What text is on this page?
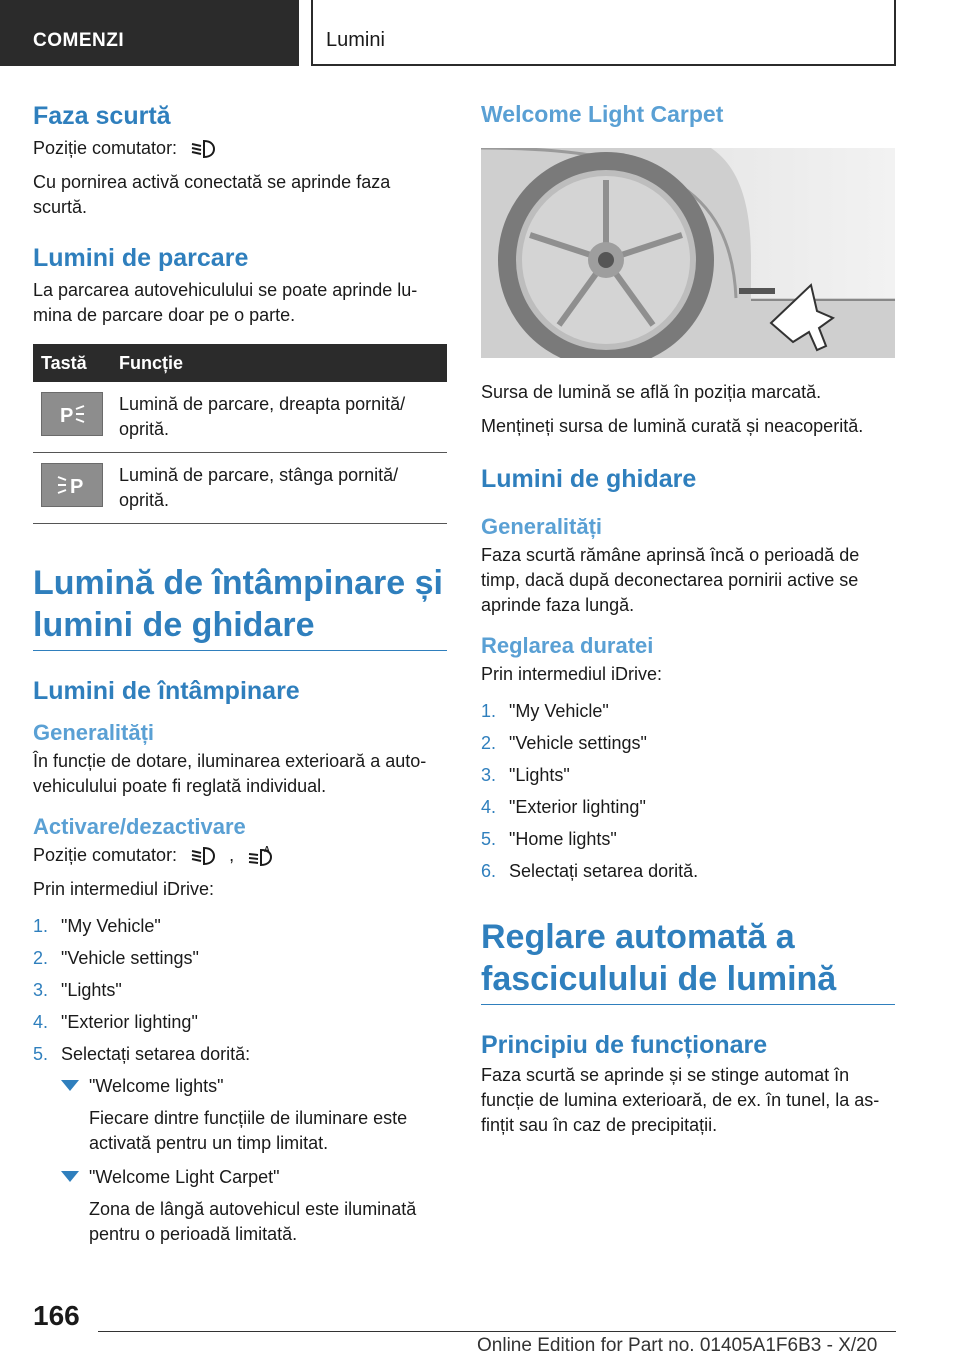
COMENZI	Lumini
Faza scurtă
Poziție comutator:
Cu pornirea activă conectată se aprinde faza scurtă.
Lumini de parcare
La parcarea autovehiculului se poate aprinde lumina de parcare doar pe o parte.
Tastă	Funcție

P	Lumină de parcare, dreapta pornită/ oprită.

P	Lumină de parcare, stânga pornită/ oprită.
Lumină de întâmpinare și lumini de ghidare
Lumini de întâmpinare
Generalități
În funcție de dotare, iluminarea exterioară a autovehiculului poate fi reglată individual.
Activare/dezactivare
Poziție comutator:	,	A
Prin intermediul iDrive:
1. "My Vehicle"
2. "Vehicle settings"
3. "Lights"
4. "Exterior lighting"
5. Selectați setarea dorită:
"Welcome lights"
Fiecare dintre funcțiile de iluminare este activată pentru un timp limitat.
"Welcome Light Carpet"
Zona de lângă autovehicul este iluminată pentru o perioadă limitată.
Welcome Light Carpet
Sursa de lumină se află în poziția marcată.
Mențineți sursa de lumină curată și neacoperită.
Lumini de ghidare
Generalități
Faza scurtă rămâne aprinsă încă o perioadă de timp, dacă după deconectarea pornirii active se aprinde faza lungă.
Reglarea duratei
Prin intermediul iDrive:
1. "My Vehicle"
2. "Vehicle settings"
3. "Lights"
4. "Exterior lighting"
5. "Home lights"
6. Selectați setarea dorită.
Reglare automată a fasciculului de lumină
Principiu de funcționare
Faza scurtă se aprinde și se stinge automat în funcție de lumina exterioară, de ex. în tunel, la asfințit sau în caz de precipitații.
166
Online Edition for Part no. 01405A1F6B3 - X/20
